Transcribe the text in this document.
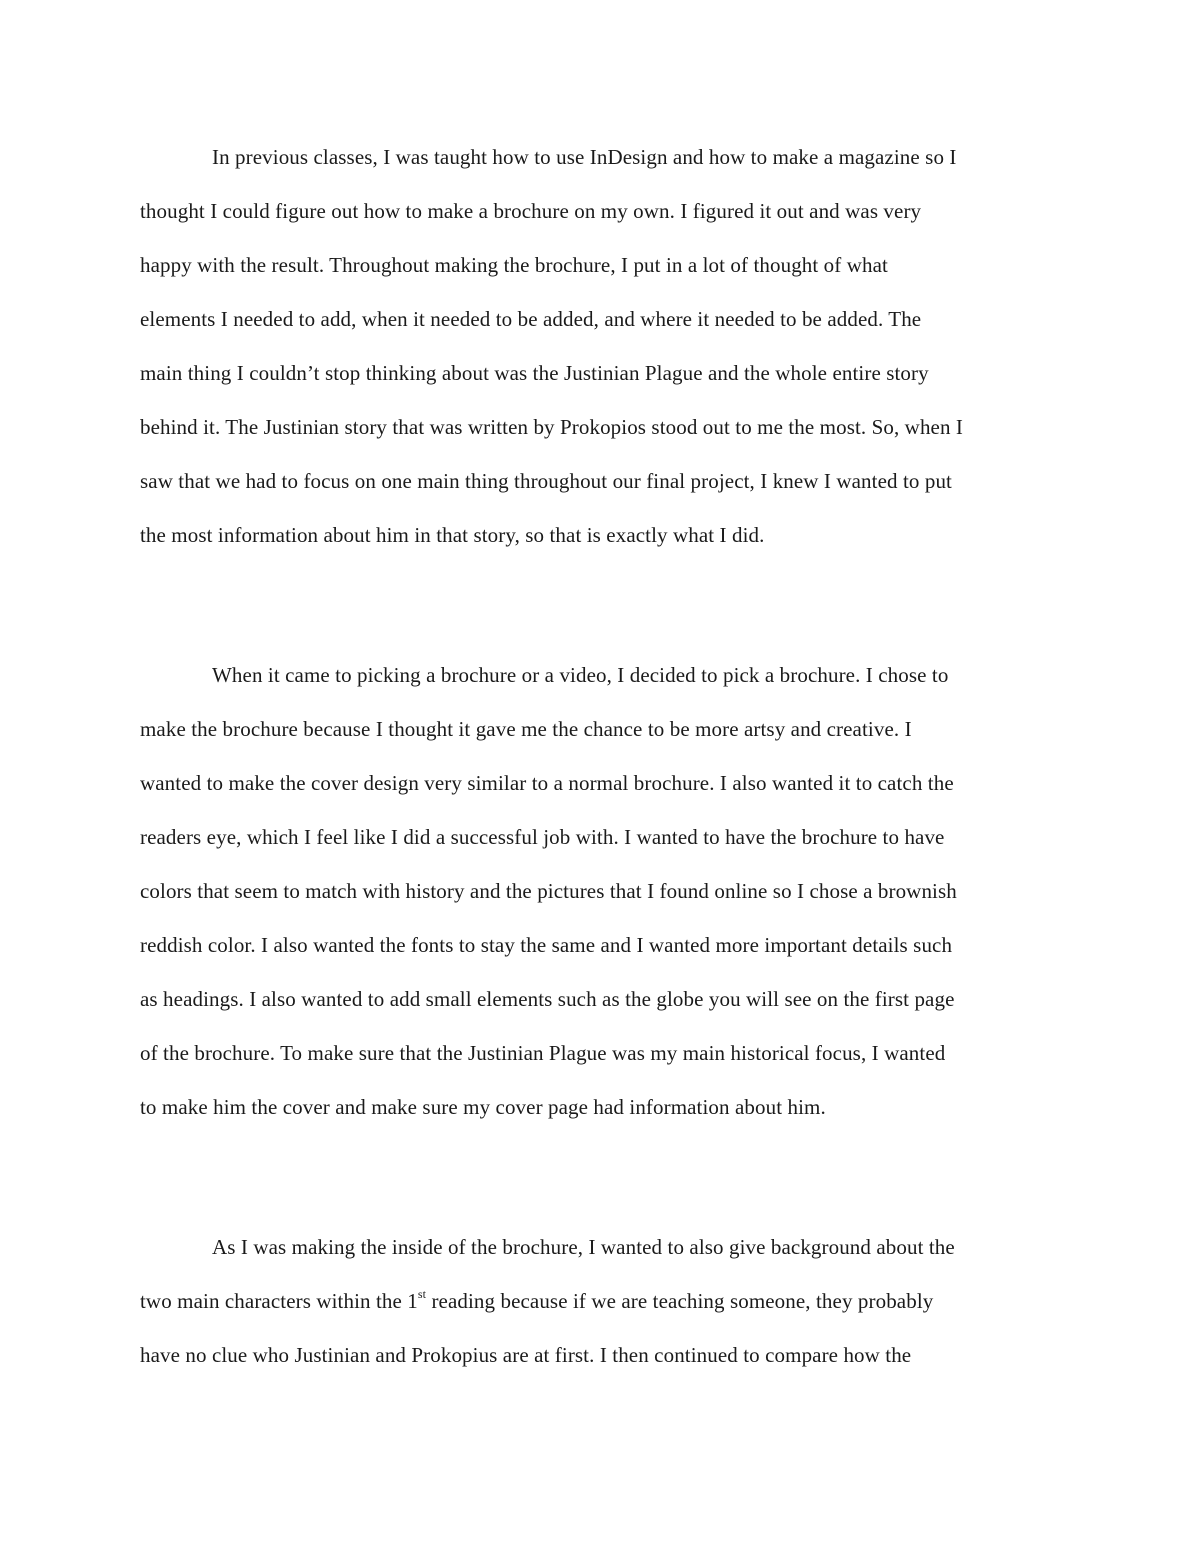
In previous classes, I was taught how to use InDesign and how to make a magazine so I
thought I could figure out how to make a brochure on my own. I figured it out and was very
happy with the result. Throughout making the brochure, I put in a lot of thought of what
elements I needed to add, when it needed to be added, and where it needed to be added. The
main thing I couldn’t stop thinking about was the Justinian Plague and the whole entire story
behind it. The Justinian story that was written by Prokopios stood out to me the most. So, when I
saw that we had to focus on one main thing throughout our final project, I knew I wanted to put
the most information about him in that story, so that is exactly what I did.
When it came to picking a brochure or a video, I decided to pick a brochure. I chose to
make the brochure because I thought it gave me the chance to be more artsy and creative. I
wanted to make the cover design very similar to a normal brochure. I also wanted it to catch the
readers eye, which I feel like I did a successful job with. I wanted to have the brochure to have
colors that seem to match with history and the pictures that I found online so I chose a brownish
reddish color. I also wanted the fonts to stay the same and I wanted more important details such
as headings. I also wanted to add small elements such as the globe you will see on the first page
of the brochure. To make sure that the Justinian Plague was my main historical focus, I wanted
to make him the cover and make sure my cover page had information about him.
As I was making the inside of the brochure, I wanted to also give background about the
two main characters within the 1st reading because if we are teaching someone, they probably
have no clue who Justinian and Prokopius are at first. I then continued to compare how the
